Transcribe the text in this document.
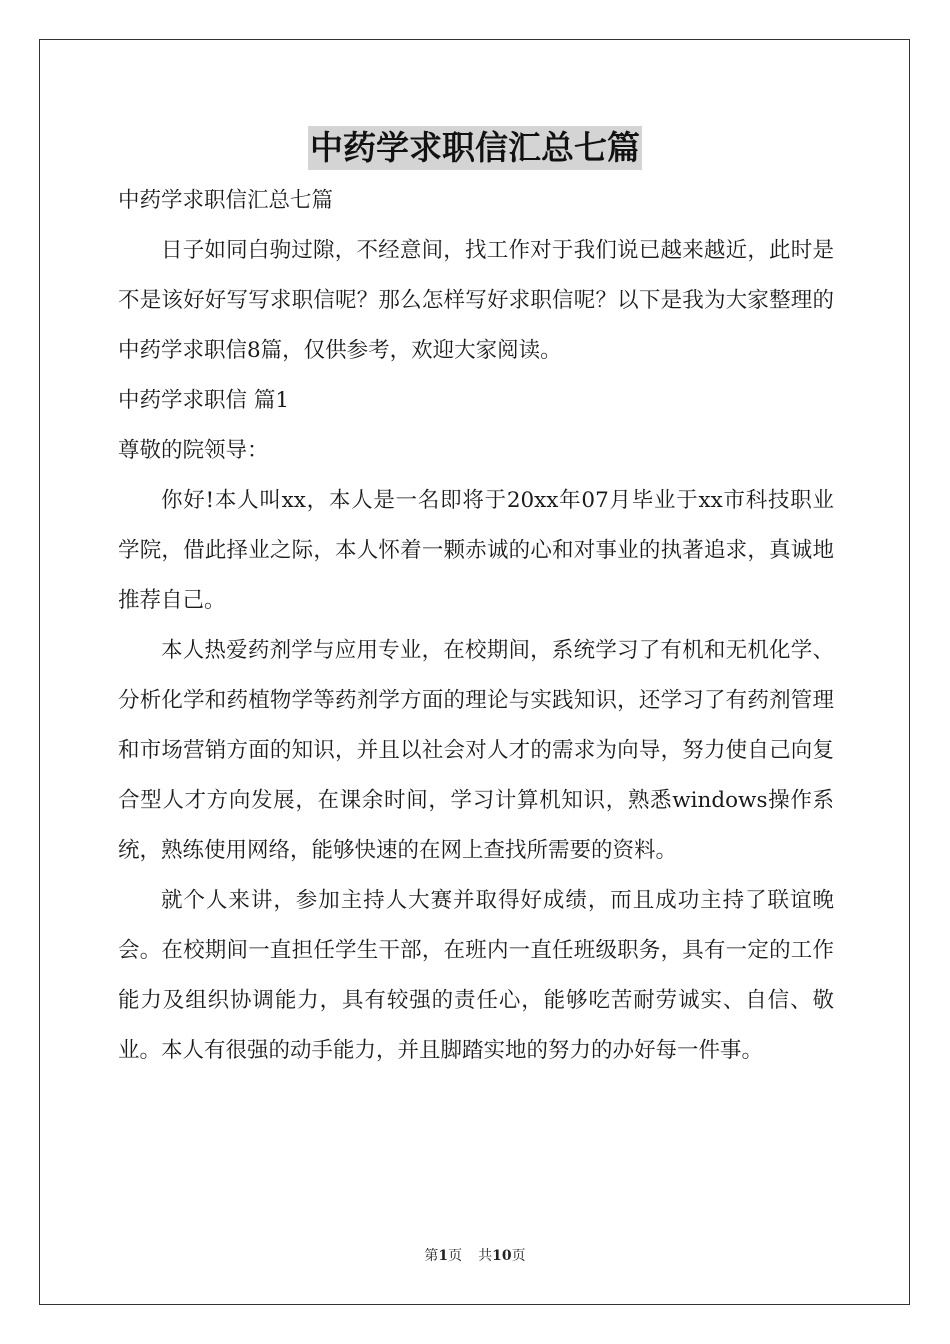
中药学求职信汇总七篇
中药学求职信汇总七篇
日子如同白驹过隙，不经意间，找工作对于我们说已越来越近，此时是不是该好好写写求职信呢？那么怎样写好求职信呢？以下是我为大家整理的中药学求职信8篇，仅供参考，欢迎大家阅读。
中药学求职信 篇1
尊敬的院领导：
你好!本人叫xx，本人是一名即将于20xx年07月毕业于xx市科技职业学院，借此择业之际，本人怀着一颗赤诚的心和对事业的执著追求，真诚地推荐自己。
本人热爱药剂学与应用专业，在校期间，系统学习了有机和无机化学、分析化学和药植物学等药剂学方面的理论与实践知识，还学习了有药剂管理和市场营销方面的知识，并且以社会对人才的需求为向导，努力使自己向复合型人才方向发展，在课余时间，学习计算机知识，熟悉windows操作系统，熟练使用网络，能够快速的在网上查找所需要的资料。
就个人来讲，参加主持人大赛并取得好成绩，而且成功主持了联谊晚会。在校期间一直担任学生干部，在班内一直任班级职务，具有一定的工作能力及组织协调能力，具有较强的责任心，能够吃苦耐劳诚实、自信、敬业。本人有很强的动手能力，并且脚踏实地的努力的办好每一件事。
第1页 共10页
